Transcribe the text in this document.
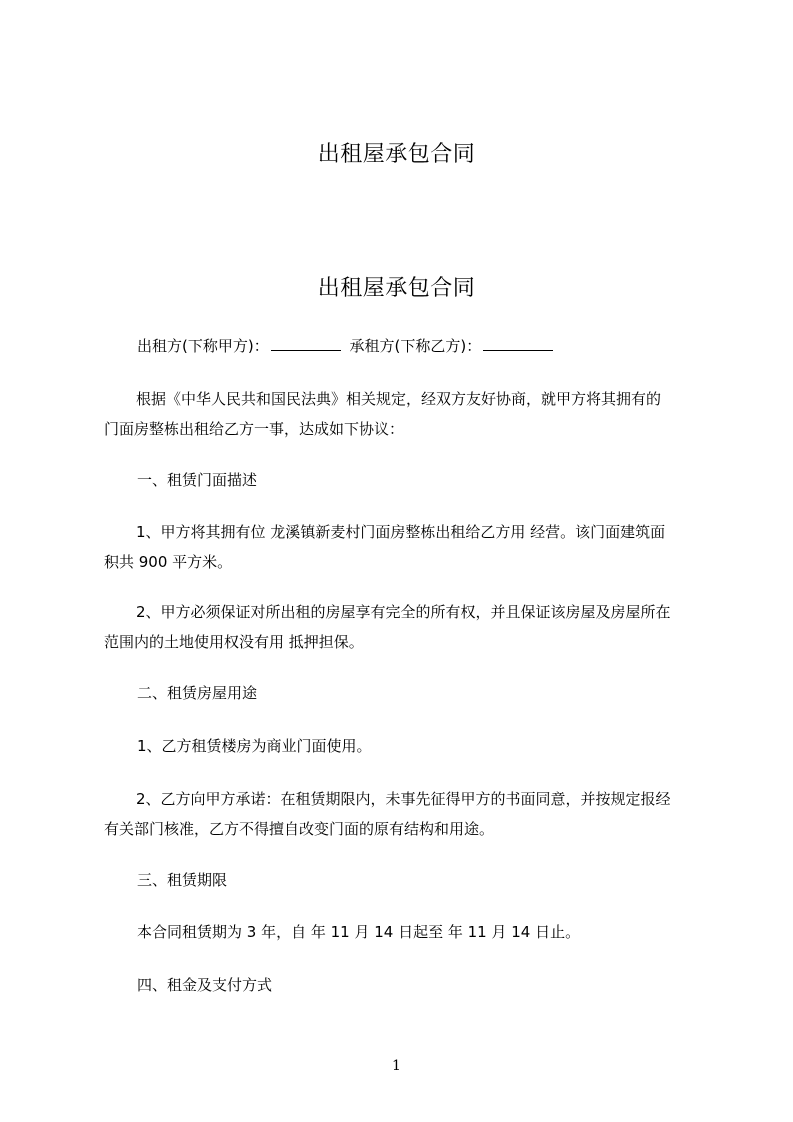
出租屋承包合同
出租屋承包合同
出租方(下称甲方)：	承租方(下称乙方)：
根据《中华人民共和国民法典》相关规定，经双方友好协商，就甲方将其拥有的
门面房整栋出租给乙方一事，达成如下协议：
一、租赁门面描述
1、甲方将其拥有位 龙溪镇新麦村门面房整栋出租给乙方用 经营。该门面建筑面
积共 900 平方米。
2、甲方必须保证对所出租的房屋享有完全的所有权，并且保证该房屋及房屋所在
范围内的土地使用权没有用 抵押担保。
二、租赁房屋用途
1、乙方租赁楼房为商业门面使用。
2、乙方向甲方承诺：在租赁期限内，未事先征得甲方的书面同意，并按规定报经
有关部门核准，乙方不得擅自改变门面的原有结构和用途。
三、租赁期限
本合同租赁期为 3 年，自 年 11 月 14 日起至 年 11 月 14 日止。
四、租金及支付方式
1
